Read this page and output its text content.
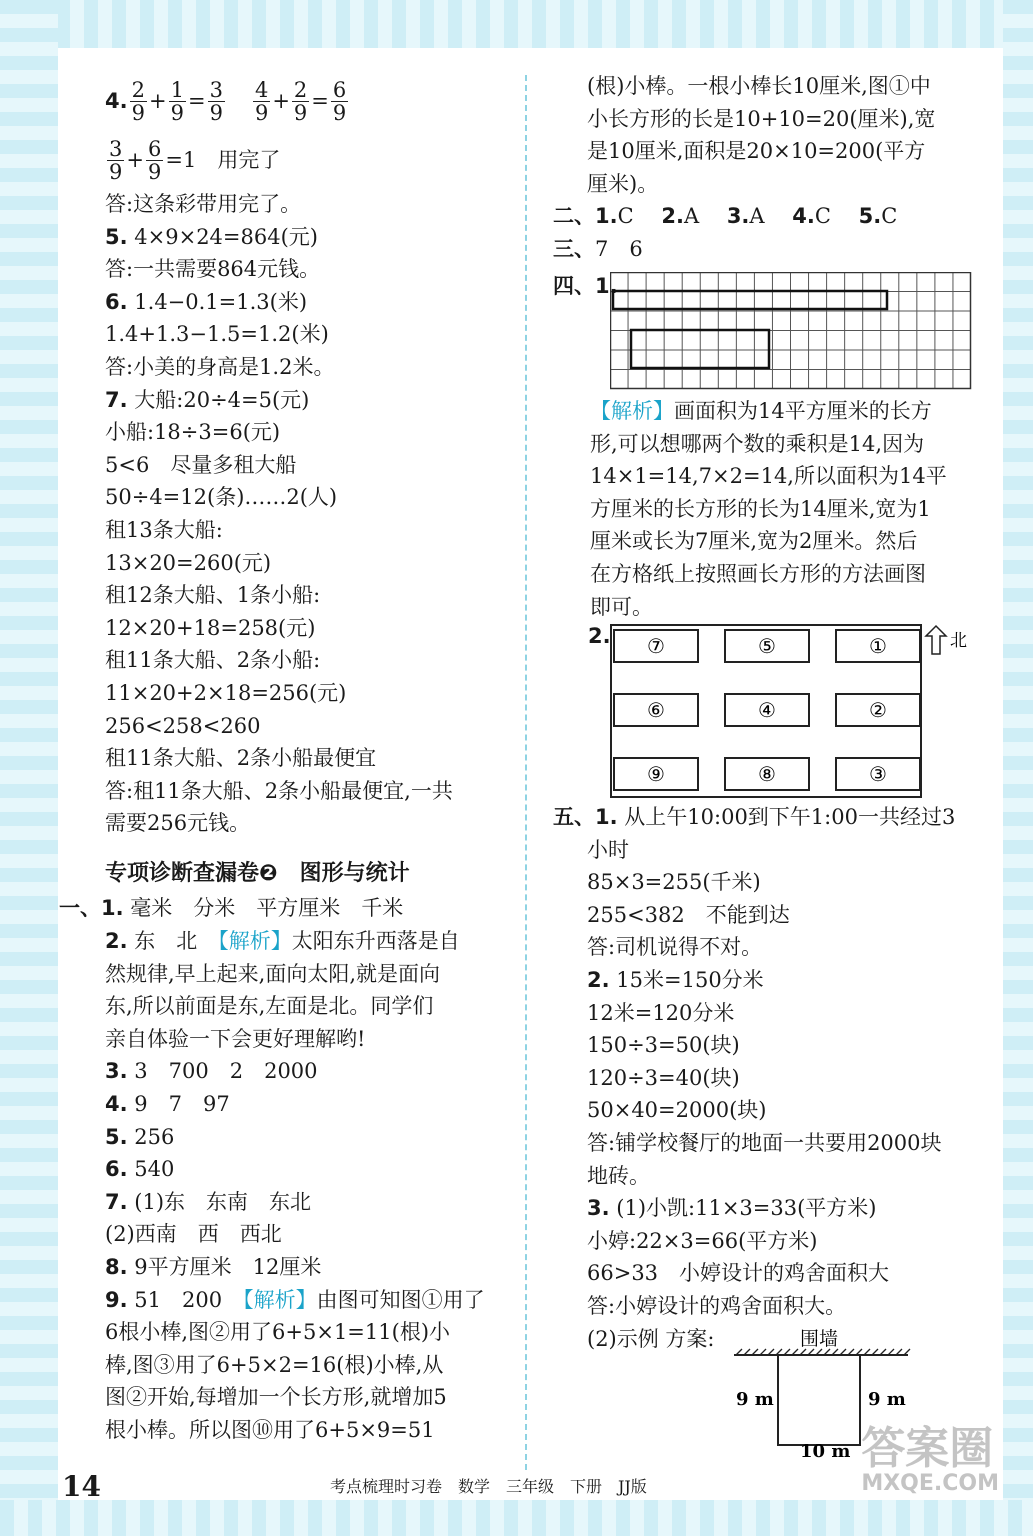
4. $\frac{2}{9} + \frac{1}{9} = \frac{3}{9} \frac{4}{9} + \frac{2}{9} = \frac{6}{9}$
$\frac{3}{9} + \frac{6}{9} =1$　用完了
答:这条彩带用完了。
5. 4×9×24=864(元)
答:一共需要864元钱。
6. 1.4−0.1=1.3(米)
1.4+1.3−1.5=1.2(米)
答:小美的身高是1.2米。
7. 大船:20÷4=5(元)
小船:18÷3=6(元)
5<6　尽量多租大船
50÷4=12(条)……2(人)
租13条大船:
13×20=260(元)
租12条大船、1条小船:
12×20+18=258(元)
租11条大船、2条小船:
11×20+2×18=256(元)
256<258<260
租11条大船、2条小船最便宜
答:租11条大船、2条小船最便宜,一共
需要256元钱。
专项诊断查漏卷❷　图形与统计
一、1. 毫米　分米　平方厘米　千米
2. 东　北　 【解析】太阳东升西落是自
然规律,早上起来,面向太阳,就是面向
东,所以前面是东,左面是北。同学们
亲自体验一下会更好理解哟!
3. 3　700　2　2000
4. 9　7　97
5. 256
6. 540
7. (1)东　东南　东北
(2)西南　西　西北
8. 9平方厘米　12厘米
9. 51　200　 【解析】由图可知图①用了
6根小棒,图②用了6+5×1=11(根)小
棒,图③用了6+5×2=16(根)小棒,从
图②开始,每增加一个长方形,就增加5
根小棒。所以图⑩用了6+5×9=51
(根)小棒。一根小棒长10厘米,图①中
小长方形的长是10+10=20(厘米),宽
是10厘米,面积是20×10=200(平方
厘米)。
二、1.C　 2.A　 3.A　 4.C　 5.C
三、7　6
四、1.
【解析】画面积为14平方厘米的长方
形,可以想哪两个数的乘积是14,因为
14×1=14,7×2=14,所以面积为14平
方厘米的长方形的长为14厘米,宽为1
厘米或长为7厘米,宽为2厘米。然后
在方格纸上按照画长方形的方法画图
即可。
2. ⑦	⑤	①
⑥	④	②
⑨	⑧	③
北
五、1. 从上午10:00到下午1:00一共经过3
小时
85×3=255(千米)
255<382　不能到达
答:司机说得不对。
2. 15米=150分米
12米=120分米
150÷3=50(块)
120÷3=40(块)
50×40=2000(块)
答:铺学校餐厅的地面一共要用2000块
地砖。
3. (1)小凯:11×3=33(平方米)
小婷:22×3=66(平方米)
66>33　小婷设计的鸡舍面积大
答:小婷设计的鸡舍面积大。
(2)示例 方案:	围墙
9 m	9 m
10 m
14	考点梳理时习卷　数学　三年级　下册　JJ版
答案圈
MXQE.COM
